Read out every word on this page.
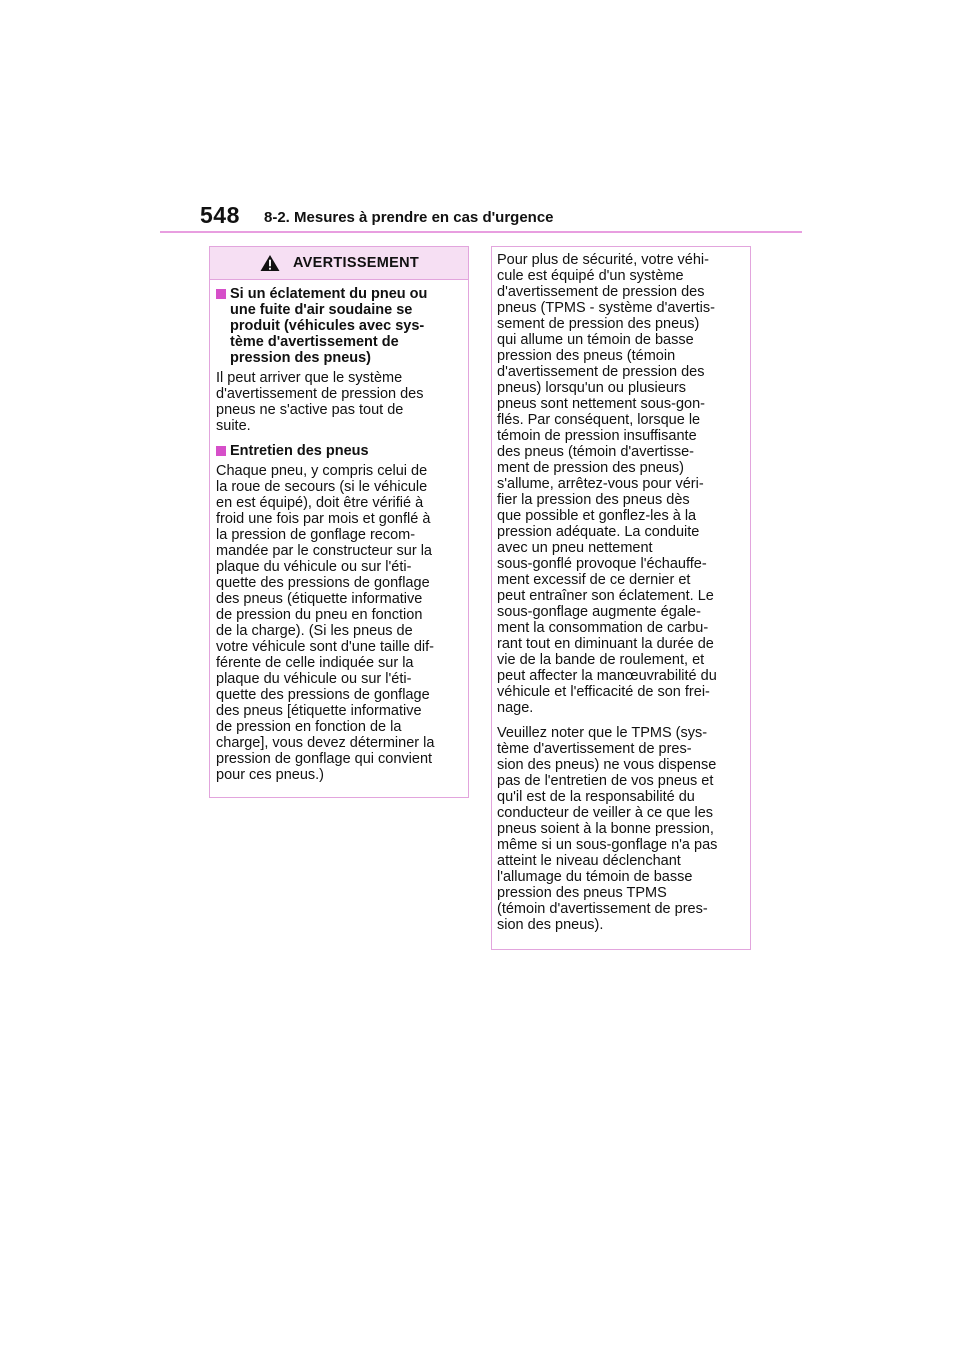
548 8-2. Mesures à prendre en cas d'urgence
AVERTISSEMENT
Si un éclatement du pneu ou
une fuite d'air soudaine se
produit (véhicules avec sys-
tème d'avertissement de
pression des pneus)
Il peut arriver que le système
d'avertissement de pression des
pneus ne s'active pas tout de
suite.
Entretien des pneus
Chaque pneu, y compris celui de
la roue de secours (si le véhicule
en est équipé), doit être vérifié à
froid une fois par mois et gonflé à
la pression de gonflage recom-
mandée par le constructeur sur la
plaque du véhicule ou sur l'éti-
quette des pressions de gonflage
des pneus (étiquette informative
de pression du pneu en fonction
de la charge). (Si les pneus de
votre véhicule sont d'une taille dif-
férente de celle indiquée sur la
plaque du véhicule ou sur l'éti-
quette des pressions de gonflage
des pneus [étiquette informative
de pression en fonction de la
charge], vous devez déterminer la
pression de gonflage qui convient
pour ces pneus.)
Pour plus de sécurité, votre véhi-
cule est équipé d'un système
d'avertissement de pression des
pneus (TPMS - système d'avertis-
sement de pression des pneus)
qui allume un témoin de basse
pression des pneus (témoin
d'avertissement de pression des
pneus) lorsqu'un ou plusieurs
pneus sont nettement sous-gon-
flés. Par conséquent, lorsque le
témoin de pression insuffisante
des pneus (témoin d'avertisse-
ment de pression des pneus)
s'allume, arrêtez-vous pour véri-
fier la pression des pneus dès
que possible et gonflez-les à la
pression adéquate. La conduite
avec un pneu nettement
sous-gonflé provoque l'échauffe-
ment excessif de ce dernier et
peut entraîner son éclatement. Le
sous-gonflage augmente égale-
ment la consommation de carbu-
rant tout en diminuant la durée de
vie de la bande de roulement, et
peut affecter la manœuvrabilité du
véhicule et l'efficacité de son frei-
nage.
Veuillez noter que le TPMS (sys-
tème d'avertissement de pres-
sion des pneus) ne vous dispense
pas de l'entretien de vos pneus et
qu'il est de la responsabilité du
conducteur de veiller à ce que les
pneus soient à la bonne pression,
même si un sous-gonflage n'a pas
atteint le niveau déclenchant
l'allumage du témoin de basse
pression des pneus TPMS
(témoin d'avertissement de pres-
sion des pneus).
